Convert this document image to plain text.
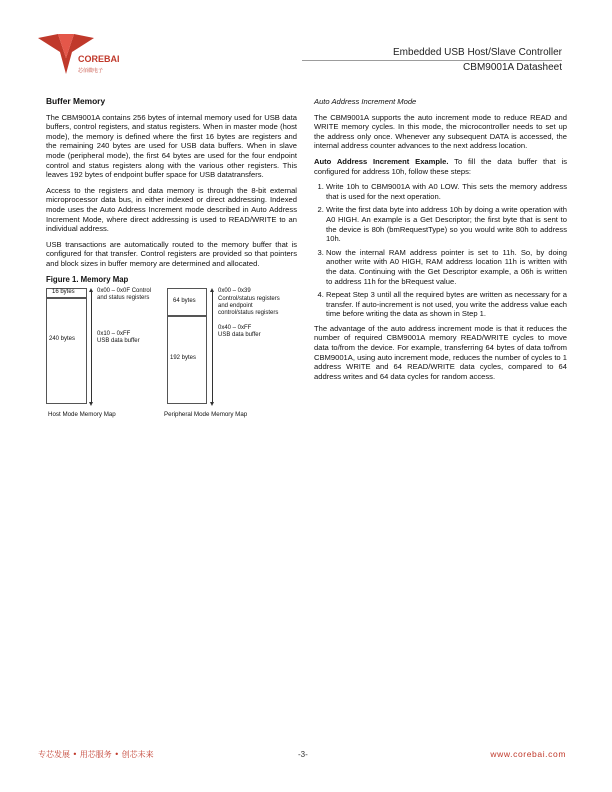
COREBAI
芯佰微电子
Embedded USB Host/Slave Controller
CBM9001A Datasheet
Buffer Memory

The CBM9001A contains 256 bytes of internal memory used for USB data buffers, control registers, and status registers. When in master mode (host mode), the memory is defined where the first 16 bytes are registers and the remaining 240 bytes are used for USB data buffers. When in slave mode (peripheral mode), the first 64 bytes are used for the four endpoint control and status registers along with the various other registers. This leaves 192 bytes of endpoint buffer space for USB datatransfers.

Access to the registers and data memory is through the 8-bit external microprocessor data bus, in either indexed or direct addressing. Indexed mode uses the Auto Address Increment mode described in Auto Address Increment Mode, where direct addressing is used to READ/WRITE to an individual address.

USB transactions are automatically routed to the memory buffer that is configured for that transfer. Control registers are provided so that pointers and block sizes in buffer memory are determined and allocated.

Figure 1. Memory Map
16 bytes
240 bytes
0x00 – 0x0F Control
and status registers
0x10 – 0xFF
USB data buffer
64 bytes
192 bytes
0x00 – 0x39
Control/status registers
and endpoint
control/status registers
0x40 – 0xFF
USB data buffer
Host Mode Memory Map	Peripheral Mode Memory Map
Auto Address Increment Mode

The CBM9001A supports the auto increment mode to reduce READ and WRITE memory cycles. In this mode, the microcontroller needs to set up the address only once. Whenever any subsequent DATA is accessed, the internal address counter advances to the next address location.

Auto Address Increment Example. To fill the data buffer that is configured for address 10h, follow these steps:

1. Write 10h to CBM9001A with A0 LOW. This sets the memory address that is used for the next operation.
2. Write the first data byte into address 10h by doing a write operation with A0 HIGH. An example is a Get Descriptor; the first byte that is sent to the device is 80h (bmRequestType) so you would write 80h to address 10h.
3. Now the internal RAM address pointer is set to 11h. So, by doing another write with A0 HIGH, RAM address location 11h is written with the data. Continuing with the Get Descriptor example, a 06h is written to address 11h for the bRequest value.
4. Repeat Step 3 until all the required bytes are written as necessary for a transfer. If auto-increment is not used, you write the address value each time before writing the data as shown in Step 1.

The advantage of the auto address increment mode is that it reduces the number of required CBM9001A memory READ/WRITE cycles to move data to/from the device. For example, transferring 64 bytes of data to/from CBM9001A, using auto increment mode, reduces the number of cycles to 1 address WRITE and 64 READ/WRITE data cycles, compared to 64 address writes and 64 data cycles for random access.

专芯发展 • 用芯服务 • 创芯未来	-3-	www.corebai.com
